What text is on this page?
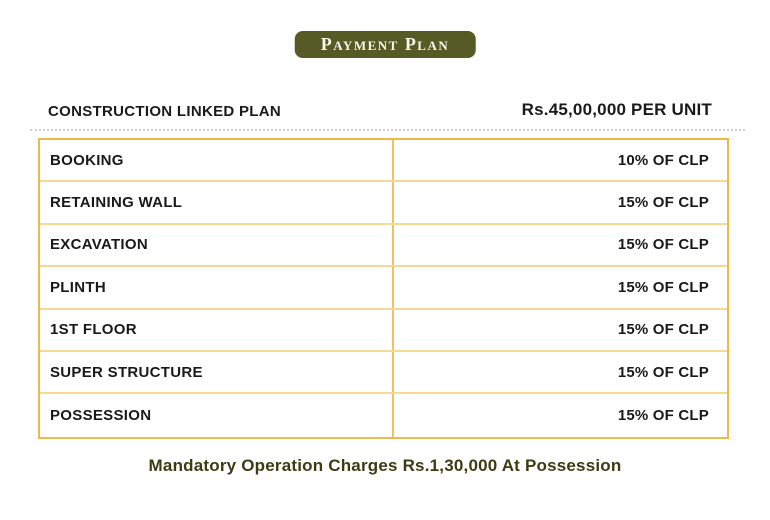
Payment Plan
CONSTRUCTION LINKED PLAN	Rs.45,00,000 PER UNIT
BOOKING	10% OF CLP
RETAINING WALL	15% OF CLP
EXCAVATION	15% OF CLP
PLINTH	15% OF CLP
1ST FLOOR	15% OF CLP
SUPER STRUCTURE	15% OF CLP
POSSESSION	15% OF CLP
Mandatory Operation Charges Rs.1,30,000 At Possession
